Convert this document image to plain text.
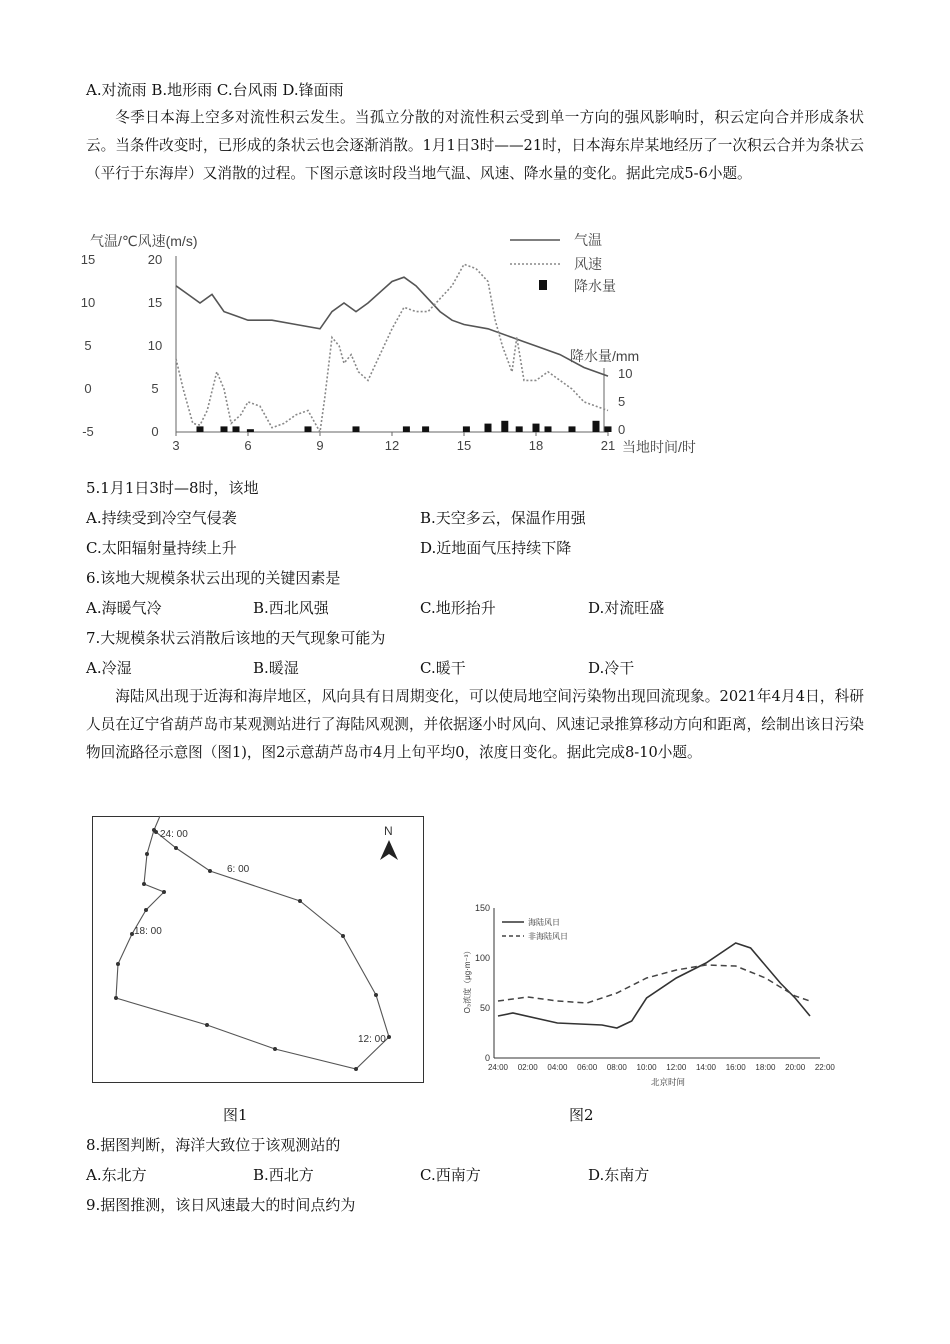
A.对流雨 B.地形雨 C.台风雨 D.锋面雨
冬季日本海上空多对流性积云发生。当孤立分散的对流性积云受到单一方向的强风影响时，积云定向合并形成条状云。当条件改变时，已形成的条状云也会逐渐消散。1月1日3时——21时，日本海东岸某地经历了一次积云合并为条状云（平行于东海岸）又消散的过程。下图示意该时段当地气温、风速、降水量的变化。据此完成5-6小题。
气温/℃风速(m/s)
15
10
5
0
-5
20
15
10
5
0
3	6	9	12	15	18	21 当地时间/时
降水量/mm
10
5
0
气温
风速
降水量
5.1月1日3时—8时，该地
A.持续受到冷空气侵袭	B.天空多云，保温作用强
C.太阳辐射量持续上升	D.近地面气压持续下降
6.该地大规模条状云出现的关键因素是
A.海暖气冷	B.西北风强	C.地形抬升	D.对流旺盛
7.大规模条状云消散后该地的天气现象可能为
A.冷湿	B.暖湿	C.暖干	D.冷干
海陆风出现于近海和海岸地区，风向具有日周期变化，可以使局地空间污染物出现回流现象。2021年4月4日，科研人员在辽宁省葫芦岛市某观测站进行了海陆风观测，并依据逐小时风向、风速记录推算移动方向和距离，绘制出该日污染物回流路径示意图（图1)，图2示意葫芦岛市4月上旬平均0，浓度日变化。据此完成8-10小题。
24: 00
6: 00
18: 00
12: 00
N
150
100
50
0
O₃浓度（μg·m⁻³）
24:00 02:00 04:00 06:00 08:00 10:00 12:00 14:00 16:00 18:00 20:00 22:00
北京时间
海陆风日
非海陆风日
图1	图2
8.据图判断，海洋大致位于该观测站的
A.东北方	B.西北方	C.西南方	D.东南方
9.据图推测，该日风速最大的时间点约为
